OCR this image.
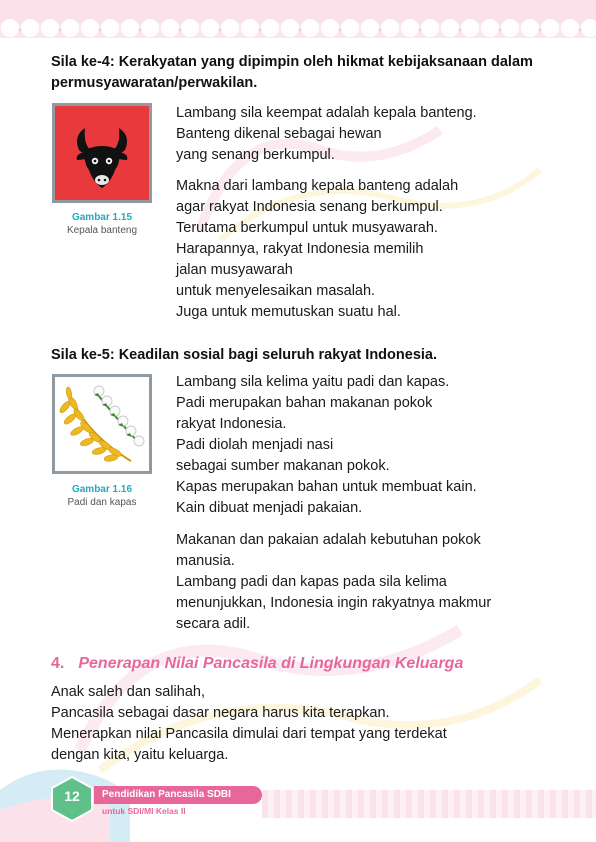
Sila ke-4: Kerakyatan yang dipimpin oleh hikmat kebijaksanaan dalam
permusyawaratan/perwakilan.
Gambar 1.15
Kepala banteng
Lambang sila keempat adalah kepala banteng.
Banteng dikenal sebagai hewan
yang senang berkumpul.
Makna dari lambang kepala banteng adalah
agar rakyat Indonesia senang berkumpul.
Terutama berkumpul untuk musyawarah.
Harapannya, rakyat Indonesia memilih
jalan musyawarah
untuk menyelesaikan masalah.
Juga untuk memutuskan suatu hal.
Sila ke-5: Keadilan sosial bagi seluruh rakyat Indonesia.
Gambar 1.16
Padi dan kapas
Lambang sila kelima yaitu padi dan kapas.
Padi merupakan bahan makanan pokok
rakyat Indonesia.
Padi diolah menjadi nasi
sebagai sumber makanan pokok.
Kapas merupakan bahan untuk membuat kain.
Kain dibuat menjadi pakaian.
Makanan dan pakaian adalah kebutuhan pokok
manusia.
Lambang padi dan kapas pada sila kelima
menunjukkan, Indonesia ingin rakyatnya makmur
secara adil.
4. Penerapan Nilai Pancasila di Lingkungan Keluarga
Anak saleh dan salihah,
Pancasila sebagai dasar negara harus kita terapkan.
Menerapkan nilai Pancasila dimulai dari tempat yang terdekat
dengan kita, yaitu keluarga.
12	Pendidikan Pancasila SDBI
untuk SDI/MI Kelas II
